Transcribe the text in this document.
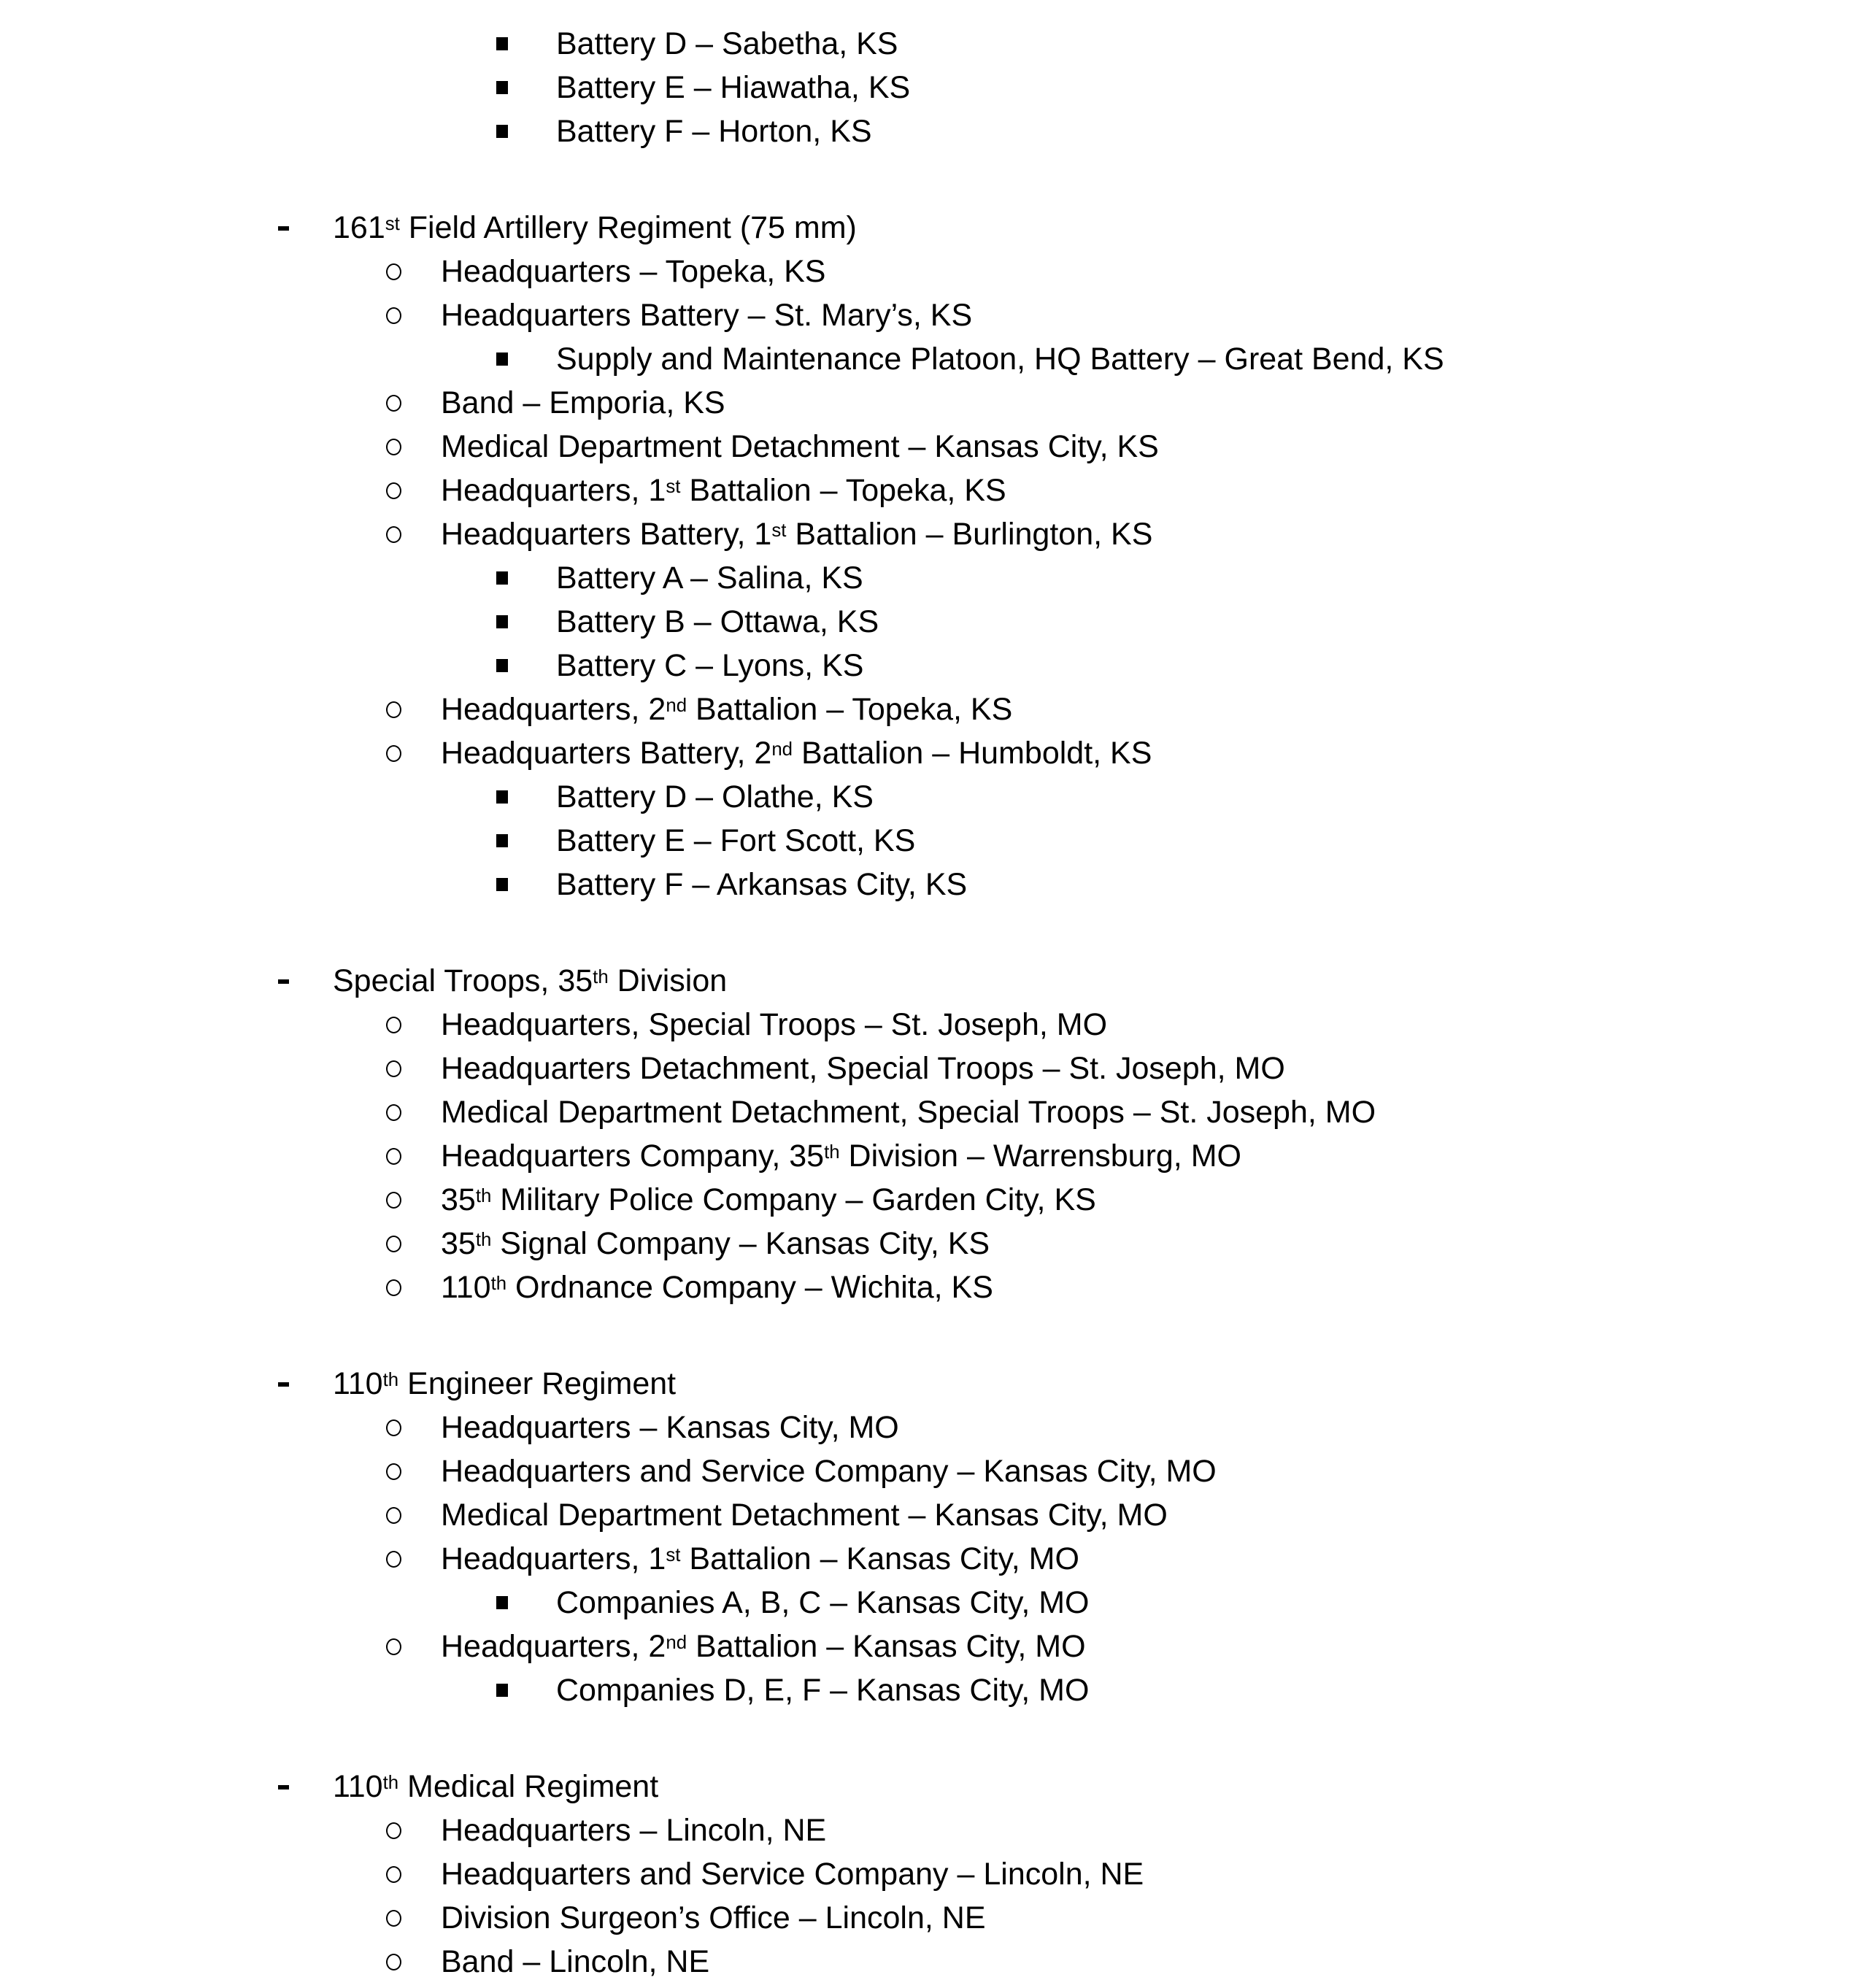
Battery D – Sabetha, KS
Battery E – Hiawatha, KS
Battery F – Horton, KS
161st Field Artillery Regiment (75 mm)
Headquarters – Topeka, KS
Headquarters Battery – St. Mary’s, KS
Supply and Maintenance Platoon, HQ Battery – Great Bend, KS
Band – Emporia, KS
Medical Department Detachment – Kansas City, KS
Headquarters, 1st Battalion – Topeka, KS
Headquarters Battery, 1st Battalion – Burlington, KS
Battery A – Salina, KS
Battery B – Ottawa, KS
Battery C – Lyons, KS
Headquarters, 2nd Battalion – Topeka, KS
Headquarters Battery, 2nd Battalion – Humboldt, KS
Battery D – Olathe, KS
Battery E – Fort Scott, KS
Battery F – Arkansas City, KS
Special Troops, 35th Division
Headquarters, Special Troops – St. Joseph, MO
Headquarters Detachment, Special Troops – St. Joseph, MO
Medical Department Detachment, Special Troops – St. Joseph, MO
Headquarters Company, 35th Division – Warrensburg, MO
35th Military Police Company – Garden City, KS
35th Signal Company – Kansas City, KS
110th Ordnance Company – Wichita, KS
110th Engineer Regiment
Headquarters – Kansas City, MO
Headquarters and Service Company – Kansas City, MO
Medical Department Detachment – Kansas City, MO
Headquarters, 1st Battalion – Kansas City, MO
Companies A, B, C – Kansas City, MO
Headquarters, 2nd Battalion – Kansas City, MO
Companies D, E, F – Kansas City, MO
110th Medical Regiment
Headquarters – Lincoln, NE
Headquarters and Service Company – Lincoln, NE
Division Surgeon’s Office – Lincoln, NE
Band – Lincoln, NE
